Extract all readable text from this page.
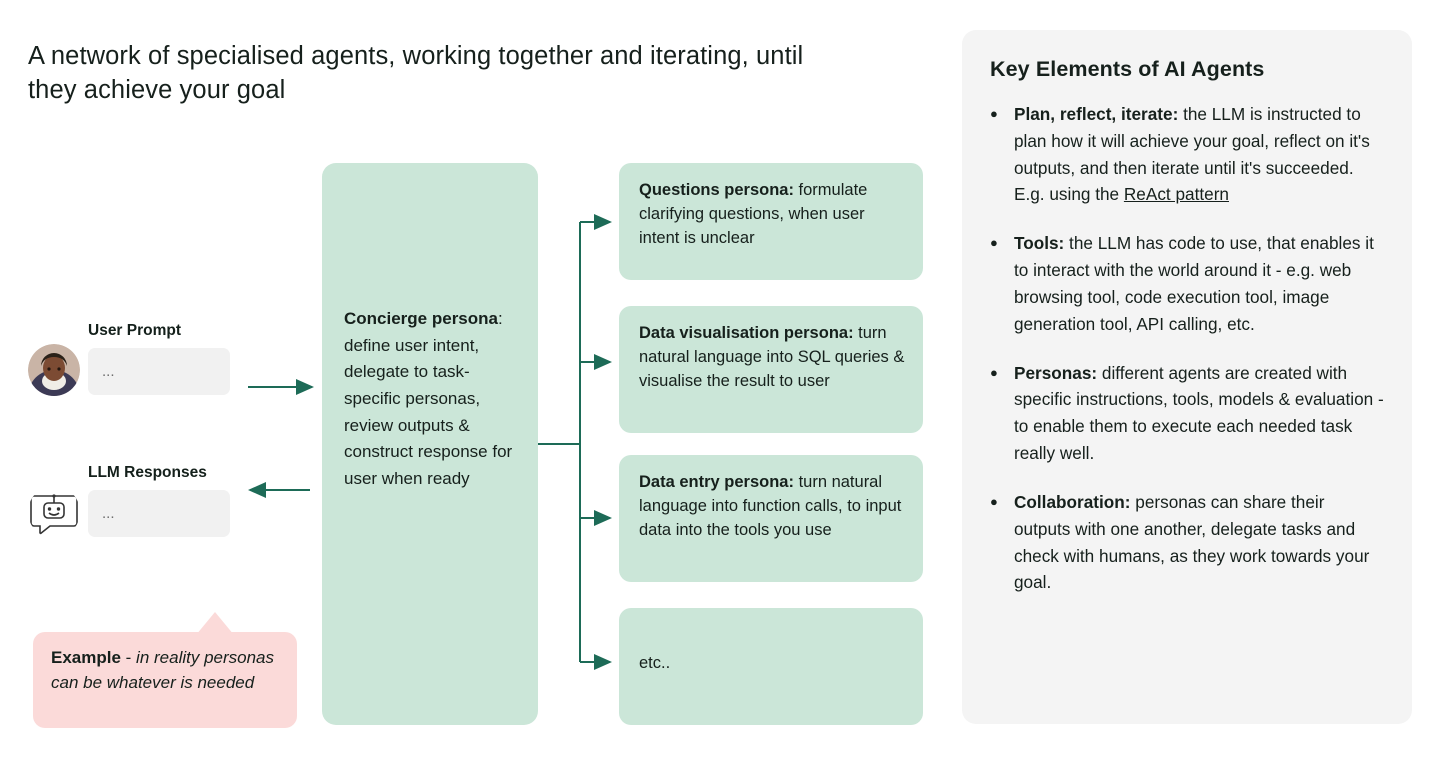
A network of specialised agents, working together and iterating, until they achieve your goal
User Prompt
...
LLM Responses
...
Concierge persona: define user intent, delegate to task-specific personas, review outputs & construct response for user when ready
Questions persona: formulate clarifying questions, when user intent is unclear
Data visualisation persona: turn natural language into SQL queries & visualise the result to user
Data entry persona: turn natural language into function calls, to input data into the tools you use
etc..
Example - in reality personas can be whatever is needed
Key Elements of AI Agents
● Plan, reflect, iterate: the LLM is instructed to plan how it will achieve your goal, reflect on it's outputs, and then iterate until it's succeeded. E.g. using the ReAct pattern
● Tools: the LLM has code to use, that enables it to interact with the world around it - e.g. web browsing tool, code execution tool, image generation tool, API calling, etc.
● Personas: different agents are created with specific instructions, tools, models & evaluation - to enable them to execute each needed task really well.
● Collaboration: personas can share their outputs with one another, delegate tasks and check with humans, as they work towards your goal.
